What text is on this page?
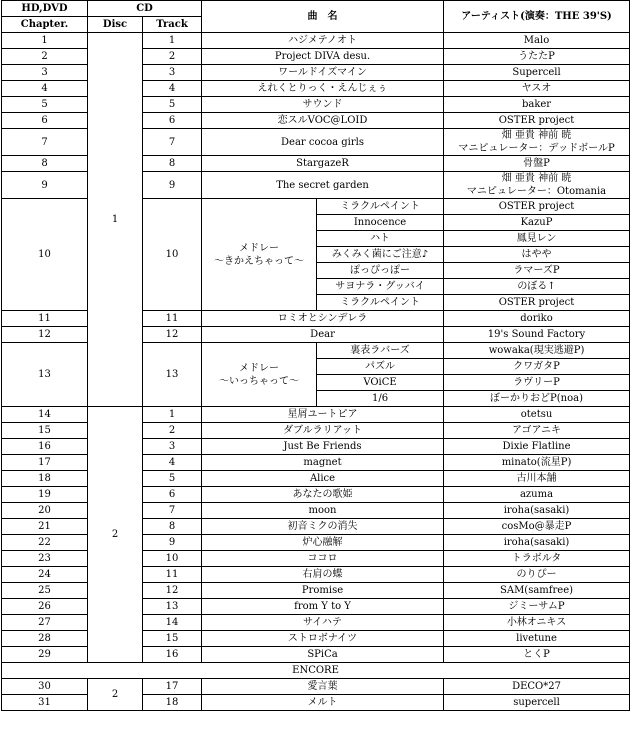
HD,DVD	CD		曲　名		アーティスト(演奏：THE 39'S)
Chapter.	Disc	Track			
1	1	1	ハジメテノオト		Malo
2		2	Project DIVA desu.		うたたP
3		3	ワールドイズマイン		Supercell
4		4	えれくとりっく・えんじぇぅ		ヤスオ
5		5	サウンド		baker
6		6	恋スルVOC@LOID		OSTER project
7		7	Dear cocoa girls		畑 亜貴 神前 暁
マニピュレーター：デッドボールP
8		8	StargazeR		骨盤P
9		9	The secret garden		畑 亜貴 神前 暁
マニピュレーター：Otomania
10		10	メドレー
～きかえちゃって～	ミラクルペイント	OSTER project
				Innocence	KazuP
				ハト	鳳見レン
				みくみく菌にご注意♪	はやや
				ぽっぴっぽー	ラマーズP
				サヨナラ・グッバイ	のぼる↑
				ミラクルペイント	OSTER project
11		11	ロミオとシンデレラ		doriko
12		12	Dear		19's Sound Factory
13		13	メドレー
～いっちゃって～	裏表ラバーズ	wowaka(現実逃避P)
				パズル	クワガタP
				VOiCE	ラヴリーP
				1/6	ぼーかりおどP(noa)
14	2	1	星屑ユートピア		otetsu
15		2	ダブルラリアット		アゴアニキ
16		3	Just Be Friends		Dixie Flatline
17		4	magnet		minato(流星P)
18		5	Alice		古川本舗
19		6	あなたの歌姫		azuma
20		7	moon		iroha(sasaki)
21		8	初音ミクの消失		cosMo@暴走P
22		9	炉心融解		iroha(sasaki)
23		10	ココロ		トラボルタ
24		11	右肩の蝶		のりぴー
25		12	Promise		SAM(samfree)
26		13	from Y to Y		ジミーサムP
27		14	サイハテ		小林オニキス
28		15	ストロボナイツ		livetune
29		16	SPiCa		とくP
ENCORE					
30	2	17	愛言葉		DECO*27
31		18	メルト		supercell
